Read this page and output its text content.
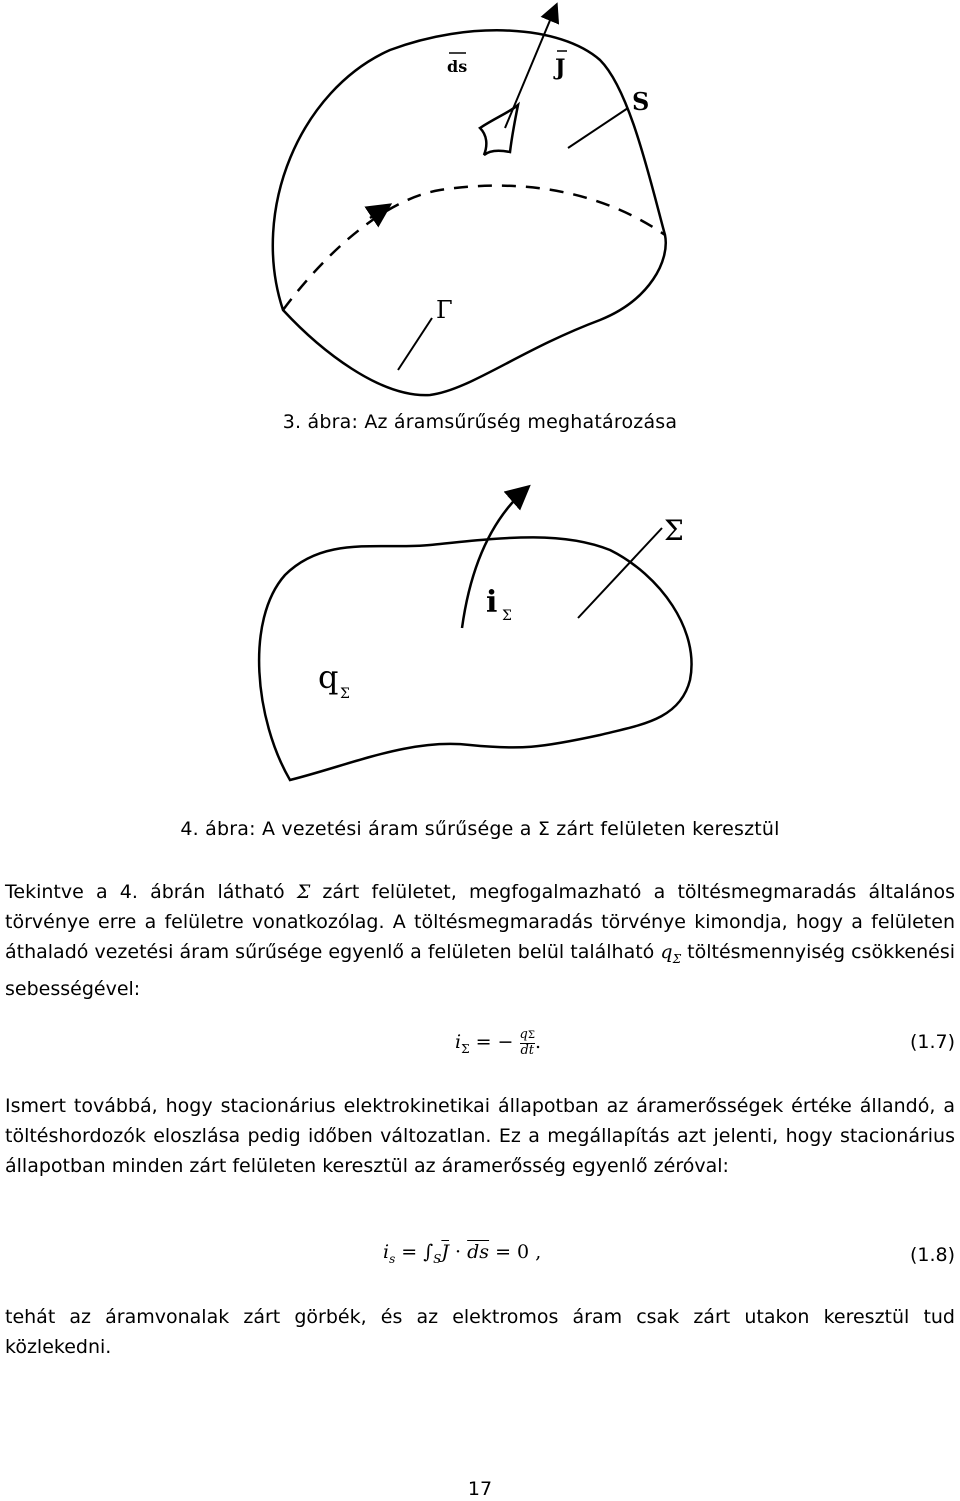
ds	J
S
Γ
3. ábra: Az áramsűrűség meghatározása
Σ
i Σ
q Σ
4. ábra: A vezetési áram sűrűsége a Σ zárt felületen keresztül
Tekintve a 4. ábrán látható Σ zárt felületet, megfogalmazható a töltésmegmaradás általános törvénye erre a felületre vonatkozólag. A töltésmegmaradás törvénye kimondja, hogy a felületen áthaladó vezetési áram sűrűsége egyenlő a felületen belül található $q_\Sigma$ töltésmennyiség csökkenési sebességével:
$i_\Sigma$ = − $\frac{q\Sigma}{dt}$ .	(1.7)
Ismert továbbá, hogy stacionárius elektrokinetikai állapotban az áramerősségek értéke állandó, a töltéshordozók eloszlása pedig időben változatlan. Ez a megállapítás azt jelenti, hogy stacionárius állapotban minden zárt felületen keresztül az áramerősség egyenlő zéróval:
$i_s = \int_S\overline{J} \cdot \overline{ds} = 0$ ,	(1.8)
tehát az áramvonalak zárt görbék, és az elektromos áram csak zárt utakon keresztül tud közlekedni.
17
